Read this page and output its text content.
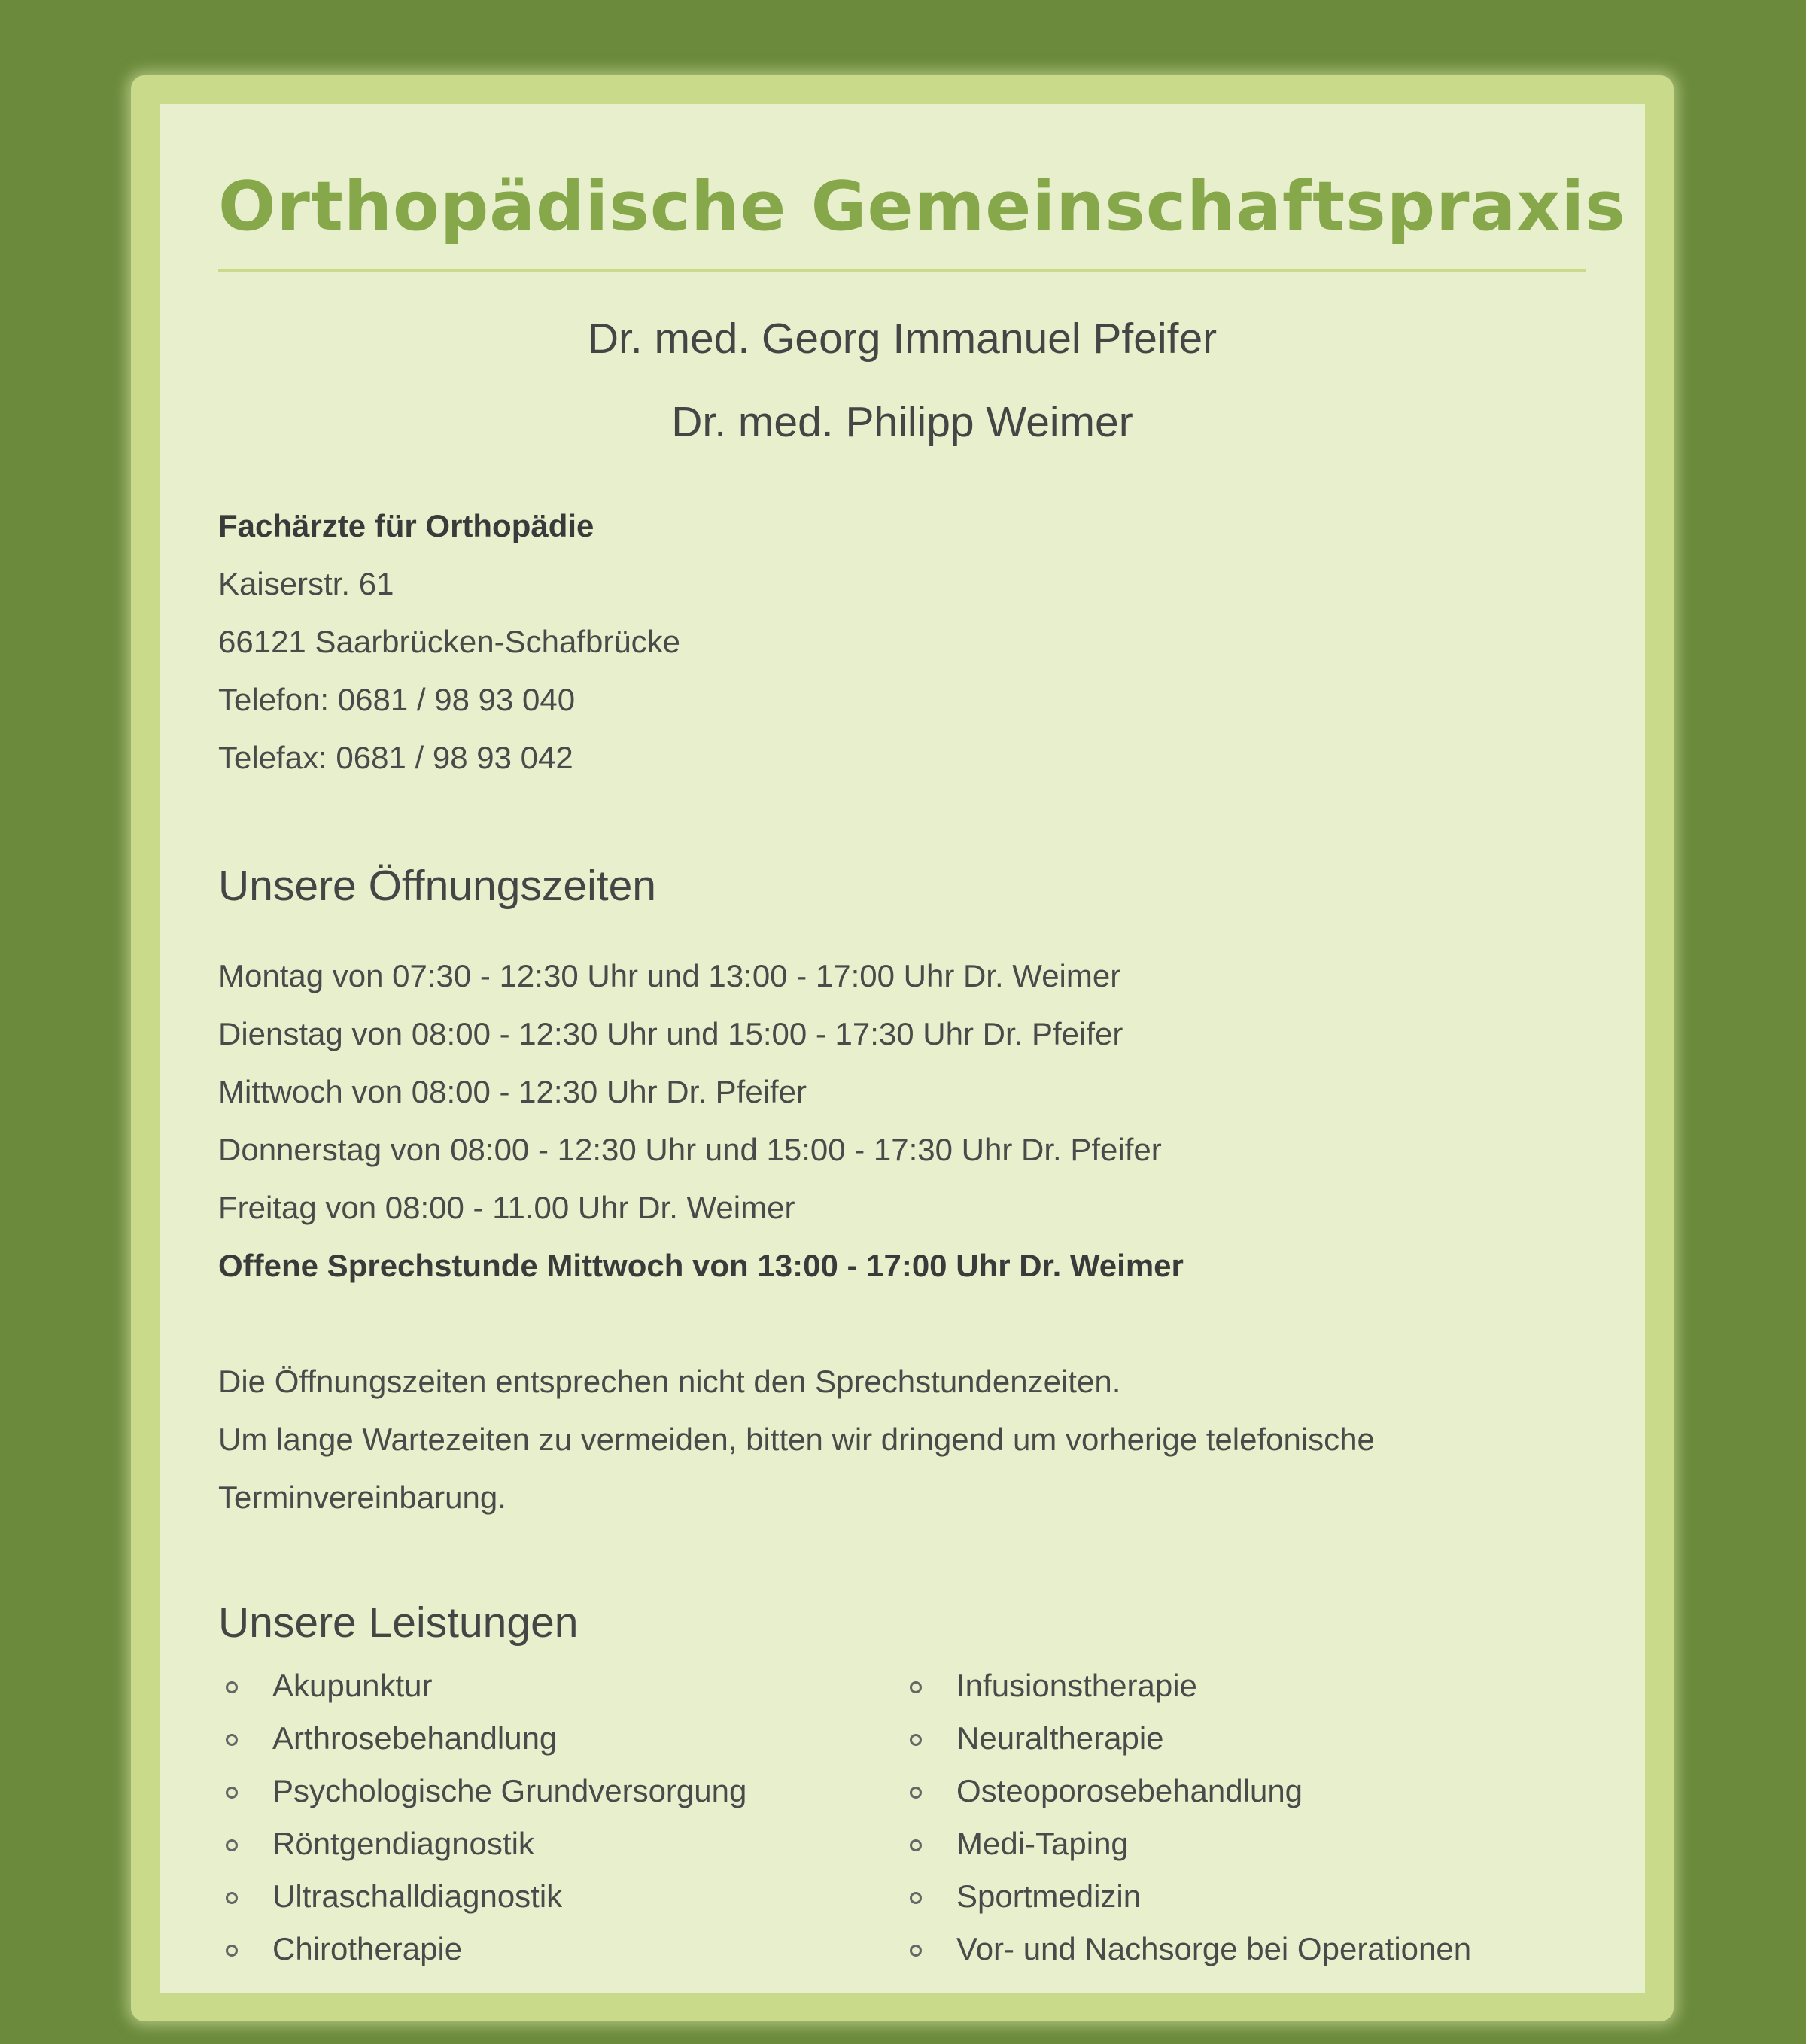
Orthopädische Gemeinschaftspraxis
Dr. med. Georg Immanuel Pfeifer
Dr. med. Philipp Weimer
Fachärzte für Orthopädie
Kaiserstr. 61
66121 Saarbrücken-Schafbrücke
Telefon: 0681 / 98 93 040
Telefax: 0681 / 98 93 042
Unsere Öffnungszeiten
Montag von 07:30 - 12:30 Uhr und 13:00 - 17:00 Uhr Dr. Weimer
Dienstag von 08:00 - 12:30 Uhr und 15:00 - 17:30 Uhr Dr. Pfeifer
Mittwoch von 08:00 - 12:30 Uhr Dr. Pfeifer
Donnerstag von 08:00 - 12:30 Uhr und 15:00 - 17:30 Uhr Dr. Pfeifer
Freitag von 08:00 - 11.00 Uhr Dr. Weimer
Offene Sprechstunde Mittwoch von 13:00 - 17:00 Uhr Dr. Weimer
Die Öffnungszeiten entsprechen nicht den Sprechstundenzeiten.
Um lange Wartezeiten zu vermeiden, bitten wir dringend um vorherige telefonische
Terminvereinbarung.
Unsere Leistungen
Akupunktur
Arthrosebehandlung
Psychologische Grundversorgung
Röntgendiagnostik
Ultraschalldiagnostik
Chirotherapie
Infusionstherapie
Neuraltherapie
Osteoporosebehandlung
Medi-Taping
Sportmedizin
Vor- und Nachsorge bei Operationen
